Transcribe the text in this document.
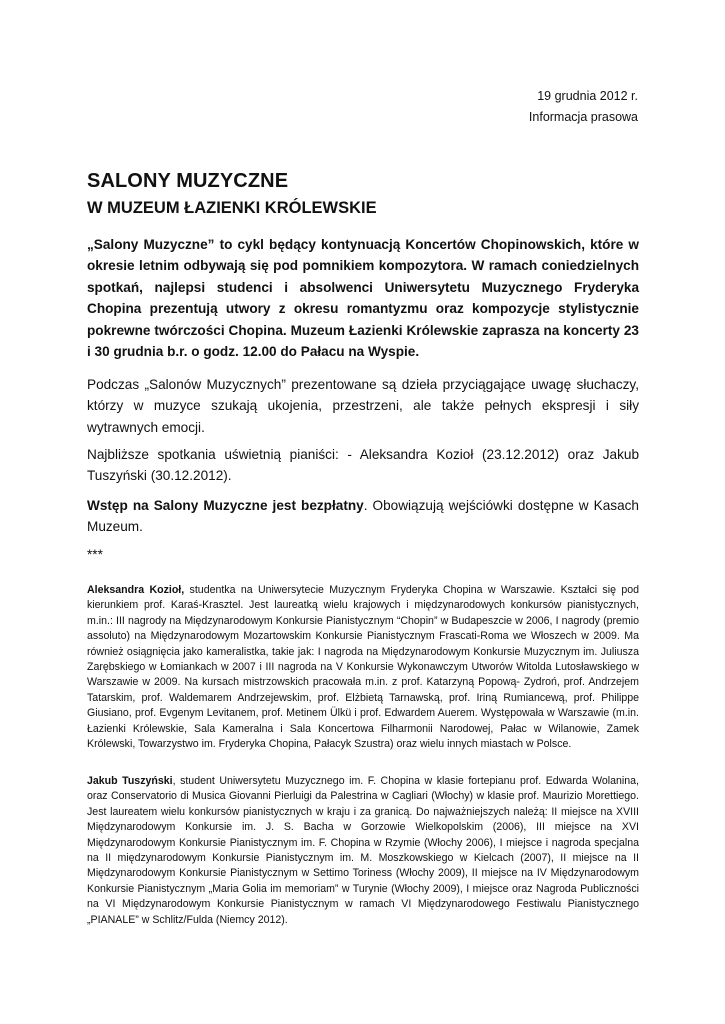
19 grudnia 2012 r.
Informacja prasowa
SALONY MUZYCZNE
W MUZEUM ŁAZIENKI KRÓLEWSKIE

„Salony Muzyczne” to cykl będący kontynuacją Koncertów Chopinowskich, które w okresie letnim odbywają się pod pomnikiem kompozytora. W ramach coniedzielnych spotkań, najlepsi studenci i absolwenci Uniwersytetu Muzycznego Fryderyka Chopina prezentują utwory z okresu romantyzmu oraz kompozycje stylistycznie pokrewne twórczości Chopina. Muzeum Łazienki Królewskie zaprasza na koncerty 23 i 30 grudnia b.r. o godz. 12.00 do Pałacu na Wyspie.

Podczas „Salonów Muzycznych” prezentowane są dzieła przyciągające uwagę słuchaczy, którzy w muzyce szukają ukojenia, przestrzeni, ale także pełnych ekspresji i siły wytrawnych emocji.

Najbliższe spotkania uświetnią pianiści: - Aleksandra Kozioł (23.12.2012) oraz Jakub Tuszyński (30.12.2012).

Wstęp na Salony Muzyczne jest bezpłatny. Obowiązują wejściówki dostępne w Kasach Muzeum.

***

Aleksandra Kozioł, studentka na Uniwersytecie Muzycznym Fryderyka Chopina w Warszawie. Kształci się pod kierunkiem prof. Karaś-Krasztel. Jest laureatką wielu krajowych i międzynarodowych konkursów pianistycznych, m.in.: III nagrody na Międzynarodowym Konkursie Pianistycznym “Chopin” w Budapeszcie w 2006, I nagrody (premio assoluto) na Międzynarodowym Mozartowskim Konkursie Pianistycznym Frascati-Roma we Włoszech w 2009. Ma również osiągnięcia jako kameralistka, takie jak: I nagroda na Międzynarodowym Konkursie Muzycznym im. Juliusza Zarębskiego w Łomiankach w 2007 i III nagroda na V Konkursie Wykonawczym Utworów Witolda Lutosławskiego w Warszawie w 2009. Na kursach mistrzowskich pracowała m.in. z prof. Katarzyną Popową- Zydroń, prof. Andrzejem Tatarskim, prof. Waldemarem Andrzejewskim, prof. Elżbietą Tarnawską, prof. Iriną Rumiancewą, prof. Philippe Giusiano, prof. Evgenym Levitanem, prof. Metinem Ülkü i prof. Edwardem Auerem. Występowała w Warszawie (m.in. Łazienki Królewskie, Sala Kameralna i Sala Koncertowa Filharmonii Narodowej, Pałac w Wilanowie, Zamek Królewski, Towarzystwo im. Fryderyka Chopina, Pałacyk Szustra) oraz wielu innych miastach w Polsce.

Jakub Tuszyński, student Uniwersytetu Muzycznego im. F. Chopina w klasie fortepianu prof. Edwarda Wolanina, oraz Conservatorio di Musica Giovanni Pierluigi da Palestrina w Cagliari (Włochy) w klasie prof. Maurizio Morettiego. Jest laureatem wielu konkursów pianistycznych w kraju i za granicą. Do najważniejszych należą: II miejsce na XVIII Międzynarodowym Konkursie im. J. S. Bacha w Gorzowie Wielkopolskim (2006), III miejsce na XVI Międzynarodowym Konkursie Pianistycznym im. F. Chopina w Rzymie (Włochy 2006), I miejsce i nagroda specjalna na II międzynarodowym Konkursie Pianistycznym im. M. Moszkowskiego w Kielcach (2007), II miejsce na II Międzynarodowym Konkursie Pianistycznym w Settimo Toriness (Włochy 2009), II miejsce na IV Międzynarodowym Konkursie Pianistycznym „Maria Golia im memoriam” w Turynie (Włochy 2009), I miejsce oraz Nagroda Publiczności na VI Międzynarodowym Konkursie Pianistycznym w ramach VI Międzynarodowego Festiwalu Pianistycznego „PIANALE” w Schlitz/Fulda (Niemcy 2012).
